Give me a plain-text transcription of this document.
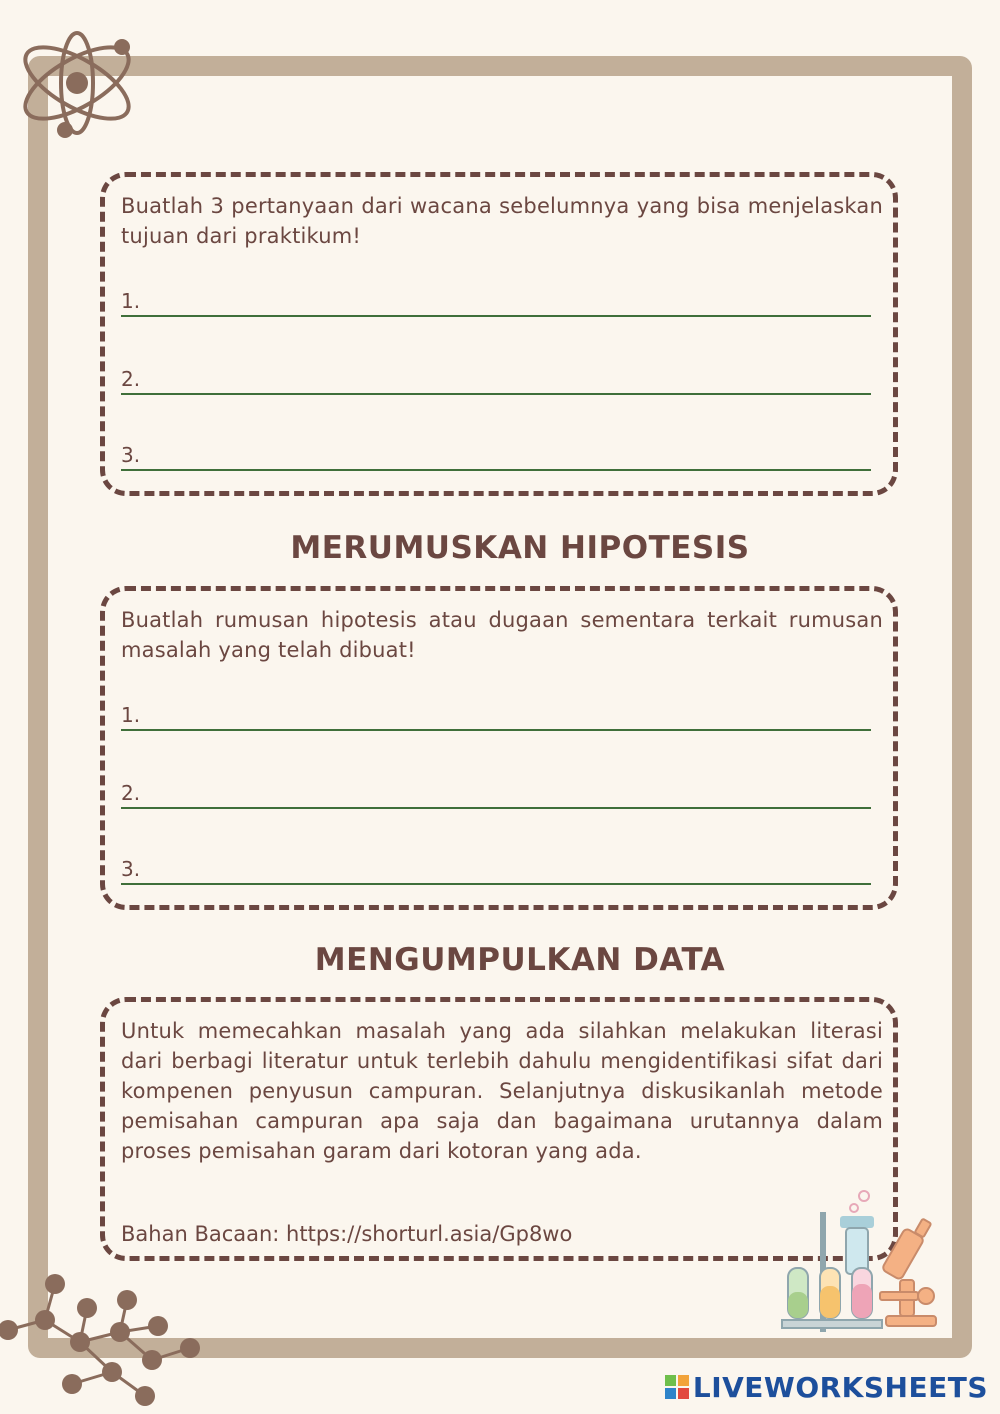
Buatlah 3 pertanyaan dari wacana sebelumnya yang bisa menjelaskan tujuan dari praktikum!

1.
2.
3.
MERUMUSKAN HIPOTESIS

Buatlah rumusan hipotesis atau dugaan sementara terkait rumusan masalah yang telah dibuat!

1.
2.
3.
MENGUMPULKAN DATA

Untuk memecahkan masalah yang ada silahkan melakukan literasi dari berbagi literatur untuk terlebih dahulu mengidentifikasi sifat dari kompenen penyusun campuran. Selanjutnya diskusikanlah metode pemisahan campuran apa saja dan bagaimana urutannya dalam proses pemisahan garam dari kotoran yang ada.

Bahan Bacaan: https://shorturl.asia/Gp8wo
LIVEWORKSHEETS
